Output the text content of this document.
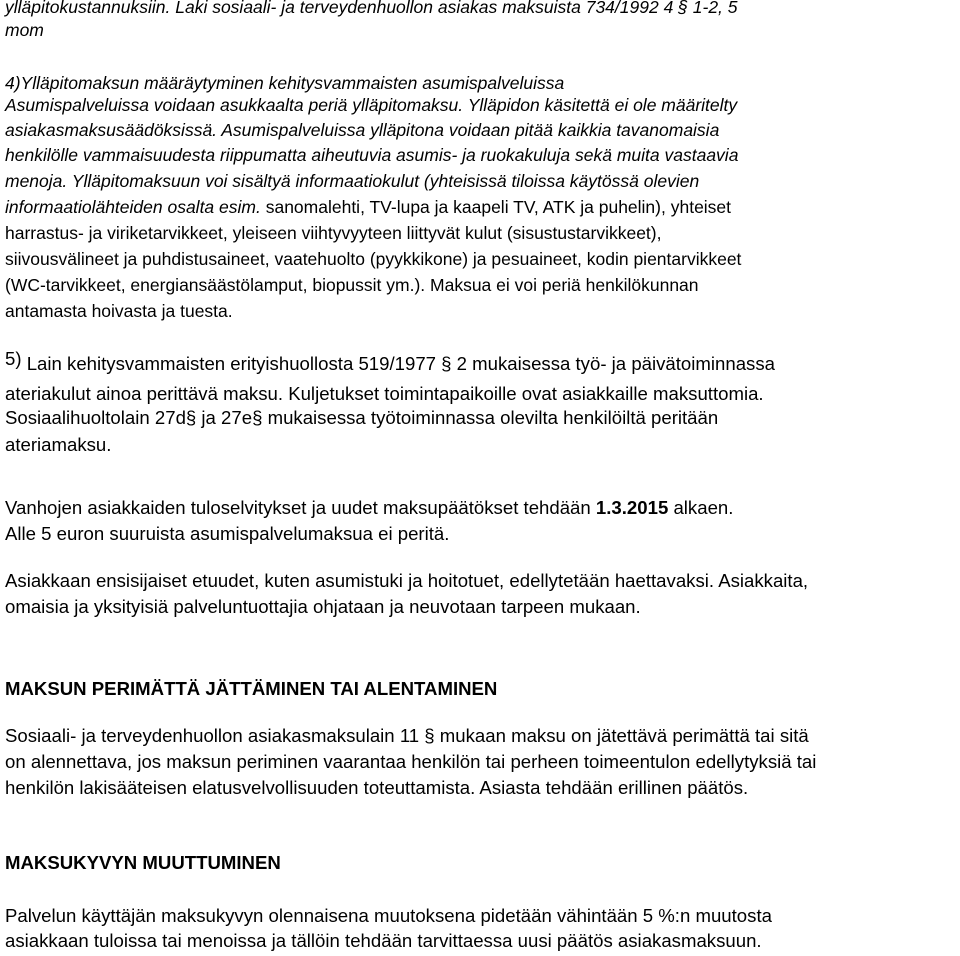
ylläpitokustannuksiin. Laki sosiaali- ja terveydenhuollon asiakas maksuista 734/1992 4 § 1-2, 5
mom
4)Ylläpitomaksun määräytyminen kehitysvammaisten asumispalveluissa
Asumispalveluissa voidaan asukkaalta periä ylläpitomaksu. Ylläpidon käsitettä ei ole määritelty
asiakasmaksusäädöksissä. Asumispalveluissa ylläpitona voidaan pitää kaikkia tavanomaisia
henkilölle vammaisuudesta riippumatta aiheutuvia asumis- ja ruokakuluja sekä muita vastaavia
menoja. Ylläpitomaksuun voi sisältyä informaatiokulut (yhteisissä tiloissa käytössä olevien
informaatiolähteiden osalta esim. sanomalehti, TV-lupa ja kaapeli TV, ATK ja puhelin), yhteiset
harrastus- ja viriketarvikkeet, yleiseen viihtyvyyteen liittyvät kulut (sisustustarvikkeet),
siivousvälineet ja puhdistusaineet, vaatehuolto (pyykkikone) ja pesuaineet, kodin pientarvikkeet
(WC-tarvikkeet, energiansäästölamput, biopussit ym.). Maksua ei voi periä henkilökunnan
antamasta hoivasta ja tuesta.
5) Lain kehitysvammaisten erityishuollosta 519/1977 § 2 mukaisessa työ- ja päivätoiminnassa
ateriakulut ainoa perittävä maksu. Kuljetukset toimintapaikoille ovat asiakkaille maksuttomia.
Sosiaalihuoltolain 27d§ ja 27e§ mukaisessa työtoiminnassa olevilta henkilöiltä peritään
ateriamaksu.
Vanhojen asiakkaiden tuloselvitykset ja uudet maksupäätökset tehdään 1.3.2015 alkaen.
Alle 5 euron suuruista asumispalvelumaksua ei peritä.
Asiakkaan ensisijaiset etuudet, kuten asumistuki ja hoitotuet, edellytetään haettavaksi. Asiakkaita,
omaisia ja yksityisiä palveluntuottajia ohjataan ja neuvotaan tarpeen mukaan.
MAKSUN PERIMÄTTÄ JÄTTÄMINEN TAI ALENTAMINEN
Sosiaali- ja terveydenhuollon asiakasmaksulain 11 § mukaan maksu on jätettävä perimättä tai sitä
on alennettava, jos maksun periminen vaarantaa henkilön tai perheen toimeentulon edellytyksiä tai
henkilön lakisääteisen elatusvelvollisuuden toteuttamista. Asiasta tehdään erillinen päätös.
MAKSUKYVYN MUUTTUMINEN
Palvelun käyttäjän maksukyvyn olennaisena muutoksena pidetään vähintään 5 %:n muutosta
asiakkaan tuloissa tai menoissa ja tällöin tehdään tarvittaessa uusi päätös asiakasmaksuun.
